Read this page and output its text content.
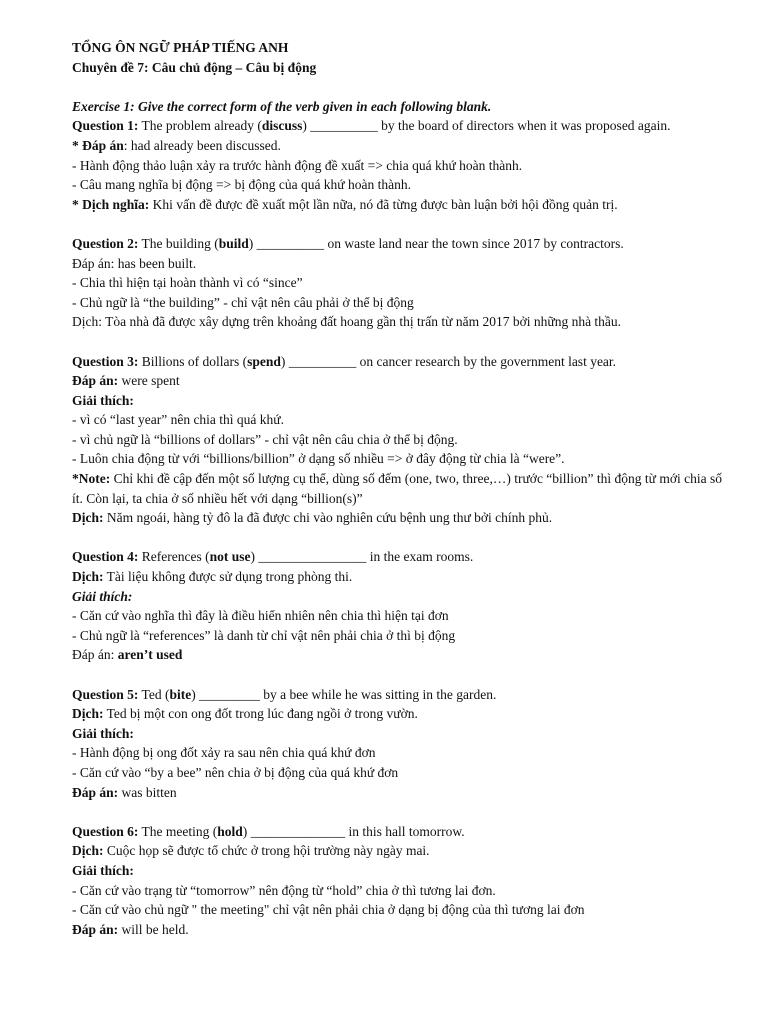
TỔNG ÔN NGỮ PHÁP TIẾNG ANH
Chuyên đề 7: Câu chủ động – Câu bị động
Exercise 1: Give the correct form of the verb given in each following blank.
Question 1: The problem already (discuss) __________ by the board of directors when it was proposed again.
* Đáp án: had already been discussed.
- Hành động thảo luận xảy ra trước hành động đề xuất => chia quá khứ hoàn thành.
- Câu mang nghĩa bị động => bị động của quá khứ hoàn thành.
* Dịch nghĩa: Khi vấn đề được đề xuất một lần nữa, nó đã từng được bàn luận bởi hội đồng quản trị.
Question 2: The building (build) __________ on waste land near the town since 2017 by contractors.
Đáp án: has been built.
- Chia thì hiện tại hoàn thành vì có “since”
- Chủ ngữ là “the building” - chỉ vật nên câu phải ở thể bị động
Dịch: Tòa nhà đã được xây dựng trên khoảng đất hoang gần thị trấn từ năm 2017 bởi những nhà thầu.
Question 3: Billions of dollars (spend) __________ on cancer research by the government last year.
Đáp án: were spent
Giải thích:
- vì có “last year” nên chia thì quá khứ.
- vì chủ ngữ là “billions of dollars” - chỉ vật nên câu chia ở thể bị động.
- Luôn chia động từ với “billions/billion” ở dạng số nhiều => ở đây động từ chia là “were”.
*Note: Chỉ khi đề cập đến một số lượng cụ thể, dùng số đếm (one, two, three,…) trước “billion” thì động từ mới chia số ít. Còn lại, ta chia ở số nhiều hết với dạng “billion(s)”
Dịch: Năm ngoái, hàng tỷ đô la đã được chi vào nghiên cứu bệnh ung thư bởi chính phủ.
Question 4: References (not use) ________________ in the exam rooms.
Dịch: Tài liệu không được sử dụng trong phòng thi.
Giải thích:
- Căn cứ vào nghĩa thì đây là điều hiển nhiên nên chia thì hiện tại đơn
- Chủ ngữ là “references” là danh từ chỉ vật nên phải chia ở thì bị động
Đáp án: aren’t used
Question 5: Ted (bite) _________ by a bee while he was sitting in the garden.
Dịch: Ted bị một con ong đốt trong lúc đang ngồi ở trong vườn.
Giải thích:
- Hành động bị ong đốt xảy ra sau nên chia quá khứ đơn
- Căn cứ vào “by a bee” nên chia ở bị động của quá khứ đơn
Đáp án: was bitten
Question 6: The meeting (hold) ______________ in this hall tomorrow.
Dịch: Cuộc họp sẽ được tổ chức ở trong hội trường này ngày mai.
Giải thích:
- Căn cứ vào trạng từ “tomorrow” nên động từ “hold” chia ở thì tương lai đơn.
- Căn cứ vào chủ ngữ " the meeting" chỉ vật nên phải chia ở dạng bị động của thì tương lai đơn
Đáp án: will be held.
